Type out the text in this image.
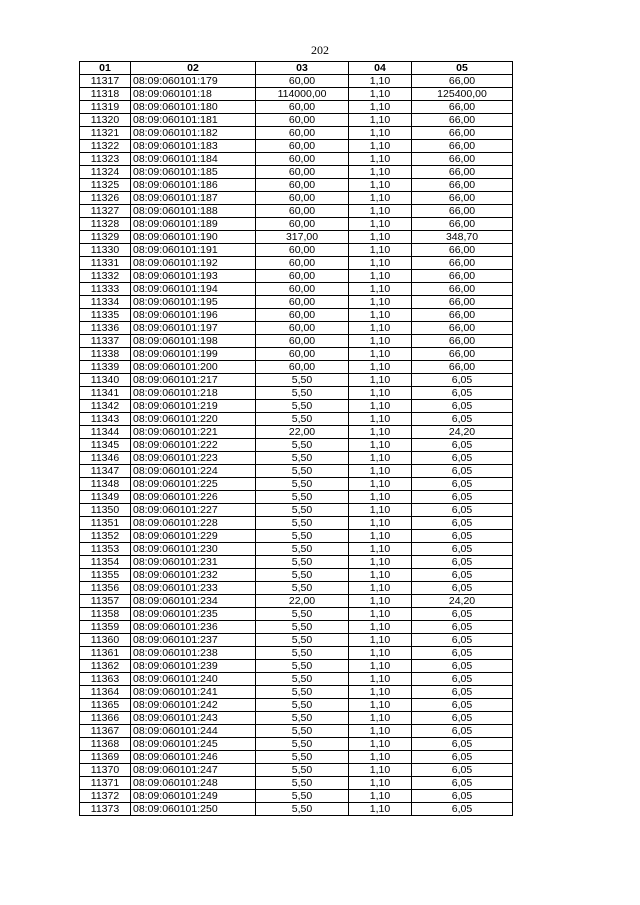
202
01	02	03	04	05
11317	08:09:060101:179	60,00	1,10	66,00
11318	08:09:060101:18	114000,00	1,10	125400,00
11319	08:09:060101:180	60,00	1,10	66,00
11320	08:09:060101:181	60,00	1,10	66,00
11321	08:09:060101:182	60,00	1,10	66,00
11322	08:09:060101:183	60,00	1,10	66,00
11323	08:09:060101:184	60,00	1,10	66,00
11324	08:09:060101:185	60,00	1,10	66,00
11325	08:09:060101:186	60,00	1,10	66,00
11326	08:09:060101:187	60,00	1,10	66,00
11327	08:09:060101:188	60,00	1,10	66,00
11328	08:09:060101:189	60,00	1,10	66,00
11329	08:09:060101:190	317,00	1,10	348,70
11330	08:09:060101:191	60,00	1,10	66,00
11331	08:09:060101:192	60,00	1,10	66,00
11332	08:09:060101:193	60,00	1,10	66,00
11333	08:09:060101:194	60,00	1,10	66,00
11334	08:09:060101:195	60,00	1,10	66,00
11335	08:09:060101:196	60,00	1,10	66,00
11336	08:09:060101:197	60,00	1,10	66,00
11337	08:09:060101:198	60,00	1,10	66,00
11338	08:09:060101:199	60,00	1,10	66,00
11339	08:09:060101:200	60,00	1,10	66,00
11340	08:09:060101:217	5,50	1,10	6,05
11341	08:09:060101:218	5,50	1,10	6,05
11342	08:09:060101:219	5,50	1,10	6,05
11343	08:09:060101:220	5,50	1,10	6,05
11344	08:09:060101:221	22,00	1,10	24,20
11345	08:09:060101:222	5,50	1,10	6,05
11346	08:09:060101:223	5,50	1,10	6,05
11347	08:09:060101:224	5,50	1,10	6,05
11348	08:09:060101:225	5,50	1,10	6,05
11349	08:09:060101:226	5,50	1,10	6,05
11350	08:09:060101:227	5,50	1,10	6,05
11351	08:09:060101:228	5,50	1,10	6,05
11352	08:09:060101:229	5,50	1,10	6,05
11353	08:09:060101:230	5,50	1,10	6,05
11354	08:09:060101:231	5,50	1,10	6,05
11355	08:09:060101:232	5,50	1,10	6,05
11356	08:09:060101:233	5,50	1,10	6,05
11357	08:09:060101:234	22,00	1,10	24,20
11358	08:09:060101:235	5,50	1,10	6,05
11359	08:09:060101:236	5,50	1,10	6,05
11360	08:09:060101:237	5,50	1,10	6,05
11361	08:09:060101:238	5,50	1,10	6,05
11362	08:09:060101:239	5,50	1,10	6,05
11363	08:09:060101:240	5,50	1,10	6,05
11364	08:09:060101:241	5,50	1,10	6,05
11365	08:09:060101:242	5,50	1,10	6,05
11366	08:09:060101:243	5,50	1,10	6,05
11367	08:09:060101:244	5,50	1,10	6,05
11368	08:09:060101:245	5,50	1,10	6,05
11369	08:09:060101:246	5,50	1,10	6,05
11370	08:09:060101:247	5,50	1,10	6,05
11371	08:09:060101:248	5,50	1,10	6,05
11372	08:09:060101:249	5,50	1,10	6,05
11373	08:09:060101:250	5,50	1,10	6,05
